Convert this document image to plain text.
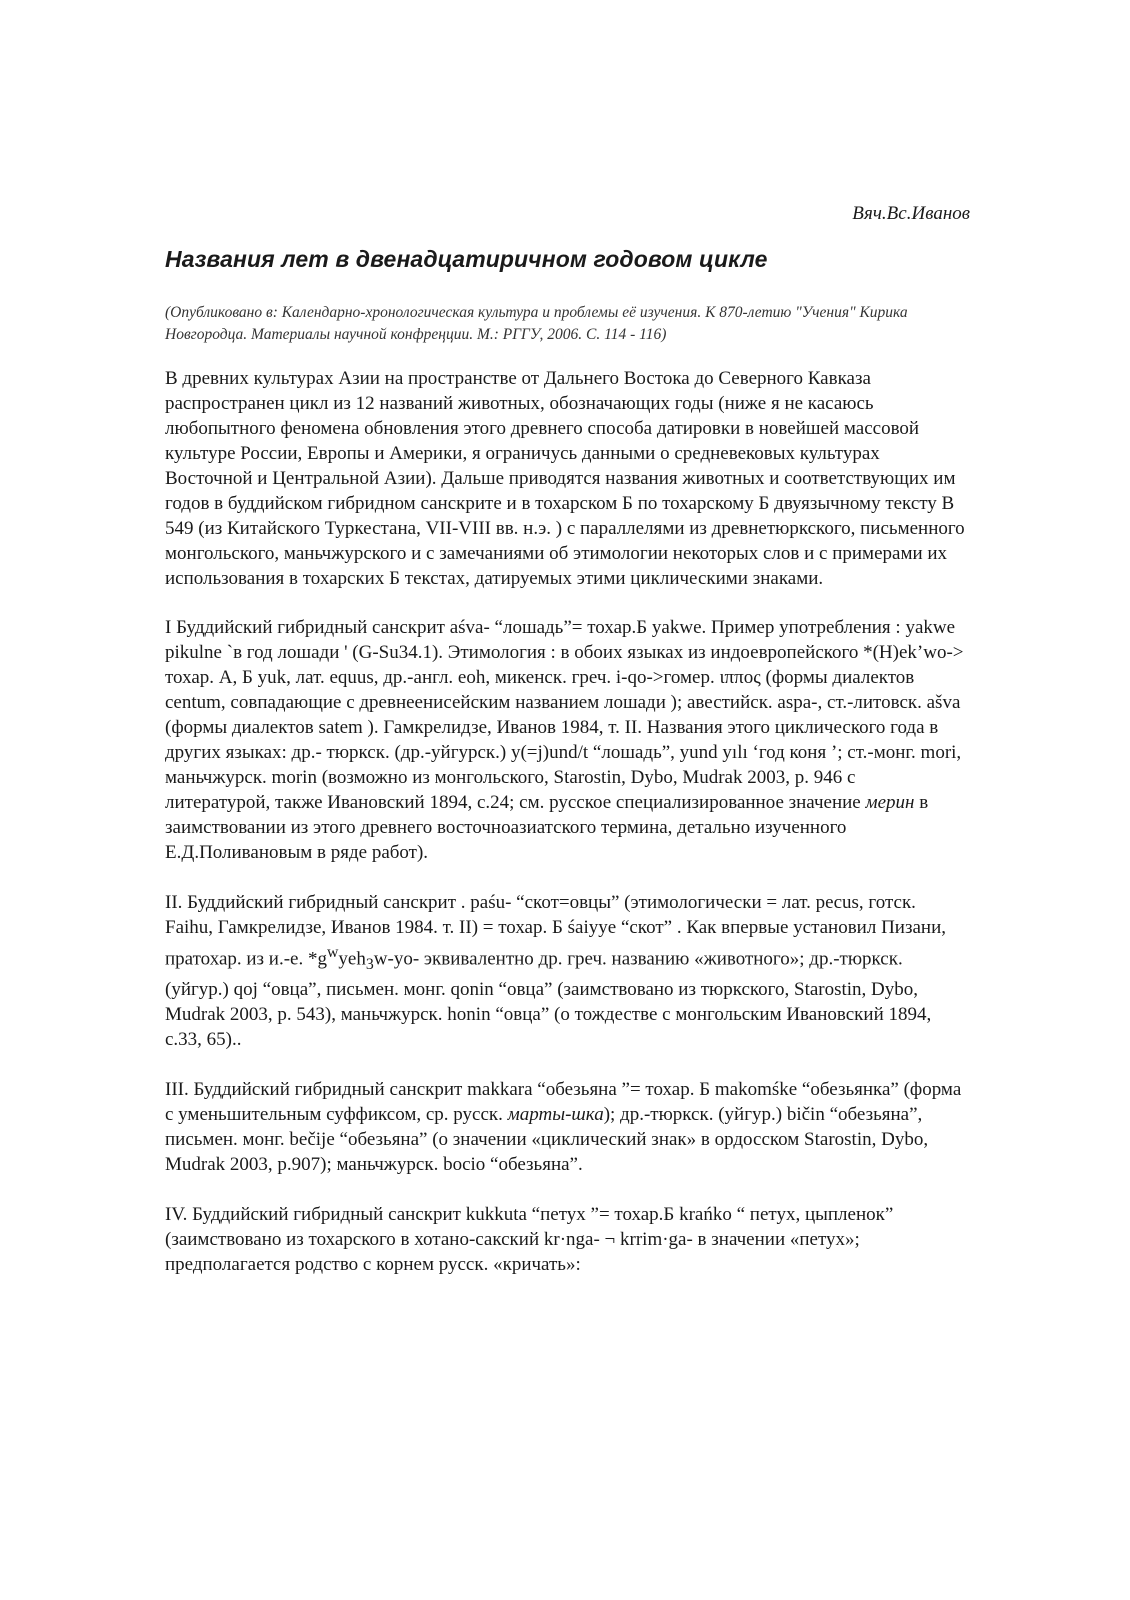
Вяч.Вс.Иванов
Названия лет в двенадцатиричном годовом цикле
(Опубликовано в: Календарно-хронологическая культура и проблемы её изучения. К 870-летию "Учения" Кирика Новгородца. Материалы научной конфреңции. М.: РГГУ, 2006. С. 114 - 116)

В древних культурах Азии на пространстве от Дальнего Востока до Северного Кавказа распространен цикл из 12 названий животных, обозначающих годы (ниже я не касаюсь любопытного феномена обновления этого древнего способа датировки в новейшей массовой культуре России, Европы и Америки, я ограничусь данными о средневековых культурах Восточной и Центральной Азии). Дальше приводятся названия животных и соответствующих им годов в буддийском гибридном санскрите и в тохарском Б по тохарскому Б двуязычному тексту В 549 (из Китайского Туркестана, VII-VIII вв. н.э. ) с параллелями из древнетюркского, письменного монгольского, маньчжурского и с замечаниями об этимологии некоторых слов и с примерами их использования в тохарских Б текстах, датируемых этими циклическими знаками.

I Буддийский гибридный санскрит aśva- “лошадь”= тохар.Б yakwe. Пример употребления : yakwe pikulne `в год лошади ' (G-Su34.1). Этимология : в обоих языках из индоевропейского *(H)ek’wo-> тохар. А, Б yuk, лат. equus, др.-англ. eoh, микенск. греч. i-qo->гомер. ιππος (формы диалектов centum, совпадающие с древнеенисейским названием лошади ); авестийск. aspa-, ст.-литовск. ašva (формы диалектов satem ). Гамкрелидзе, Иванов 1984, т. II. Названия этого циклического года в других языках: др.- тюркск. (др.-уйгурск.) y(=j)und/t “лошадь”, yund yılı ‘год коня ’; ст.-монг. mori, маньчжурск. morin (возможно из монгольского, Starostin, Dybo, Mudrak 2003, p. 946 с литературой, также Ивановский 1894, с.24; см. русское специализированное значение мерин в заимствовании из этого древнего восточноазиатского термина, детально изученного Е.Д.Поливановым в ряде работ).

II. Буддийский гибридный санскрит . paśu- “скот=овцы” (этимологически = лат. pecus, готск. Faihu, Гамкрелидзе, Иванов 1984. т. II) = тохар. Б śaiyye “скот” . Как впервые установил Пизани, пратохар. из и.-е. $*g^wyeh_3w-yo-$ эквивалентно др. греч. названию «животного»; др.-тюркск. (уйгур.) qoj “овца”, письмен. монг. qonin “овца” (заимствовано из тюркского, Starostin, Dybo, Mudrak 2003, p. 543), маньчжурск. honin “овца” (о тождестве с монгольским Ивановский 1894, с.33, 65)..

III. Буддийский гибридный санскрит makkara “обезьяна ”= тохар. Б makomśke “обезьянка” (форма с уменьшительным суффиксом, ср. русск. марты-шка); др.-тюркск. (уйгур.) bičin “обезьяна”, письмен. монг. bečije “обезьяна” (о значении «циклический знак» в ордосском Starostin, Dybo, Mudrak 2003, p.907); маньчжурск. bocio “обезьяна”.

IV. Буддийский гибридный санскрит kukkuta “петух ”= тохар.Б krańko “ петух, цыпленок” (заимствовано из тохарского в хотано-сакский kr·nga- ¬ krrim·ga- в значении «петух»; предполагается родство с корнем русск. «кричать»:
